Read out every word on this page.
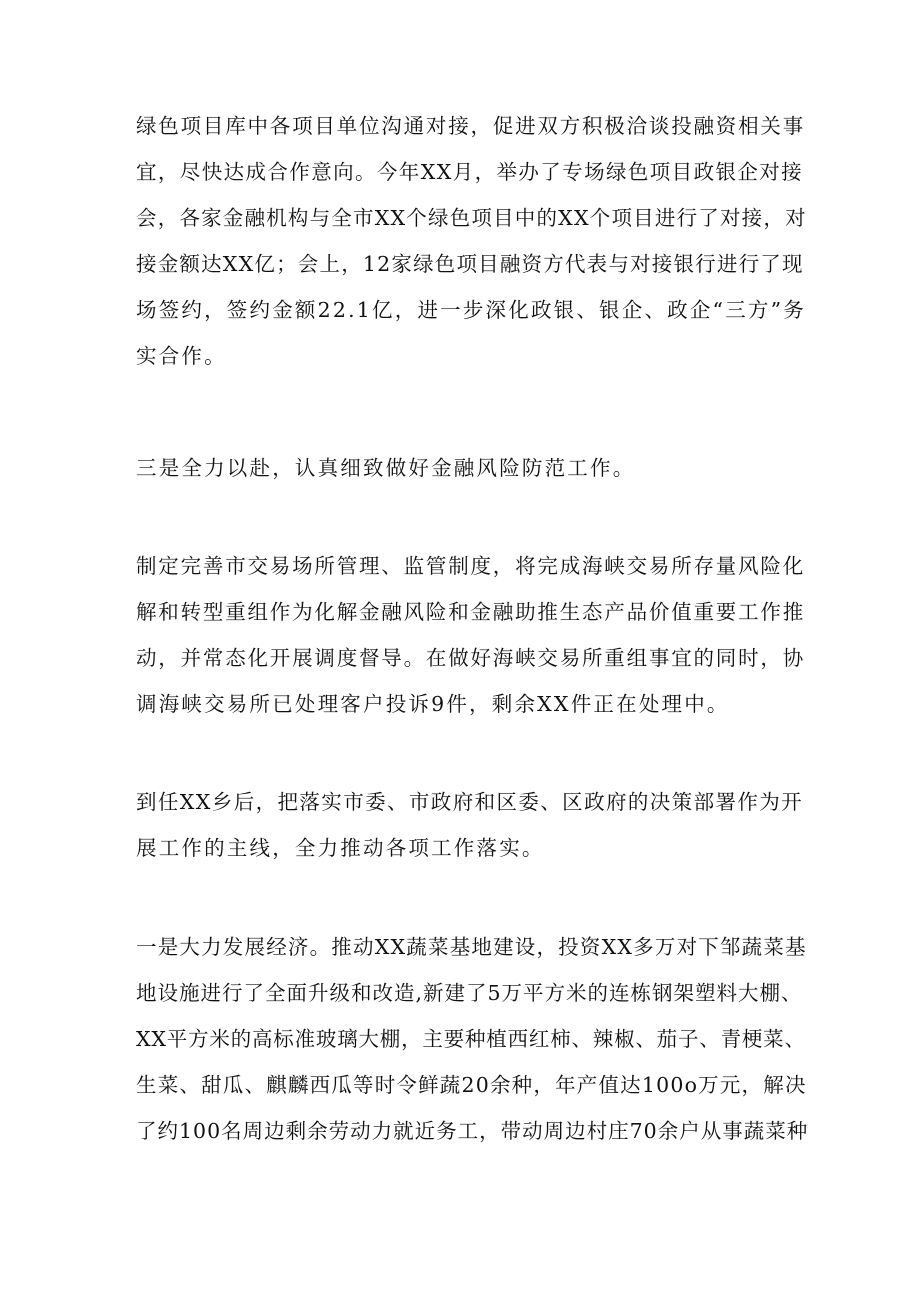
绿色项目库中各项目单位沟通对接，促进双方积极洽谈投融资相关事
宜，尽快达成合作意向。今年XX月，举办了专场绿色项目政银企对接
会，各家金融机构与全市XX个绿色项目中的XX个项目进行了对接，对
接金额达XX亿；会上，12家绿色项目融资方代表与对接银行进行了现
场签约，签约金额22.1亿，进一步深化政银、银企、政企“三方”务
实合作。
三是全力以赴，认真细致做好金融风险防范工作。
制定完善市交易场所管理、监管制度，将完成海峡交易所存量风险化
解和转型重组作为化解金融风险和金融助推生态产品价值重要工作推
动，并常态化开展调度督导。在做好海峡交易所重组事宜的同时，协
调海峡交易所已处理客户投诉9件，剩余XX件正在处理中。
到任XX乡后，把落实市委、市政府和区委、区政府的决策部署作为开
展工作的主线，全力推动各项工作落实。
一是大力发展经济。推动XX蔬菜基地建设，投资XX多万对下邹蔬菜基
地设施进行了全面升级和改造,新建了5万平方米的连栋钢架塑料大棚、
XX平方米的高标准玻璃大棚，主要种植西红柿、辣椒、茄子、青梗菜、
生菜、甜瓜、麒麟西瓜等时令鲜蔬20余种，年产值达100o万元，解决
了约100名周边剩余劳动力就近务工，带动周边村庄70余户从事蔬菜种
